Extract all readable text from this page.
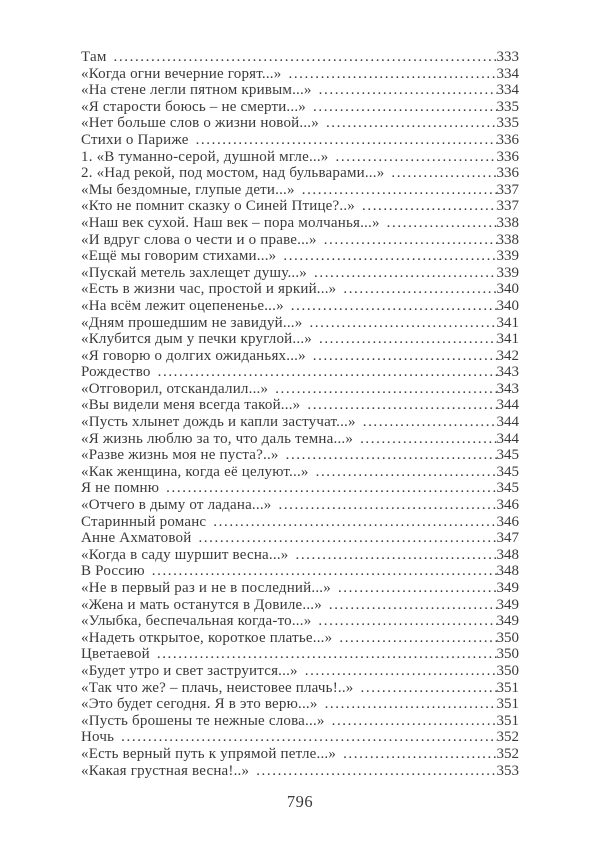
Там .....	333
«Когда огни вечерние горят...» .....	334
«На стене легли пятном кривым...» .....	334
«Я старости боюсь – не смерти...» .....	335
«Нет больше слов о жизни новой...» .....	335
Стихи о Париже .....	336
1. «В туманно-серой, душной мгле...» .....	336
2. «Над рекой, под мостом, над бульварами...» .....	336
«Мы бездомные, глупые дети...» .....	337
«Кто не помнит сказку о Синей Птице?..» .....	337
«Наш век сухой. Наш век – пора молчанья...» .....	338
«И вдруг слова о чести и о праве...» .....	338
«Ещё мы говорим стихами...» .....	339
«Пускай метель захлещет душу...» .....	339
«Есть в жизни час, простой и яркий...» .....	340
«На всём лежит оцепененье...» .....	340
«Дням прошедшим не завидуй...» .....	341
«Клубится дым у печки круглой...» .....	341
«Я говорю о долгих ожиданьях...» .....	342
Рождество .....	343
«Отговорил, отскандалил...» .....	343
«Вы видели меня всегда такой...» .....	344
«Пусть хлынет дождь и капли застучат...» .....	344
«Я жизнь люблю за то, что даль темна...» .....	344
«Разве жизнь моя не пуста?..» .....	345
«Как женщина, когда её целуют...» .....	345
Я не помню .....	345
«Отчего в дыму от ладана...» .....	346
Старинный романс .....	346
Анне Ахматовой .....	347
«Когда в саду шуршит весна...» .....	348
В Россию .....	348
«Не в первый раз и не в последний...» .....	349
«Жена и мать останутся в Довиле...» .....	349
«Улыбка, беспечальная когда-то...» .....	349
«Надеть открытое, короткое платье...» .....	350
Цветаевой .....	350
«Будет утро и свет заструится...» .....	350
«Так что же? – плачь, неистовее плачь!..» .....	351
«Это будет сегодня. Я в это верю...» .....	351
«Пусть брошены те нежные слова...» .....	351
Ночь .....	352
«Есть верный путь к упрямой петле...» .....	352
«Какая грустная весна!..» .....	353
796
